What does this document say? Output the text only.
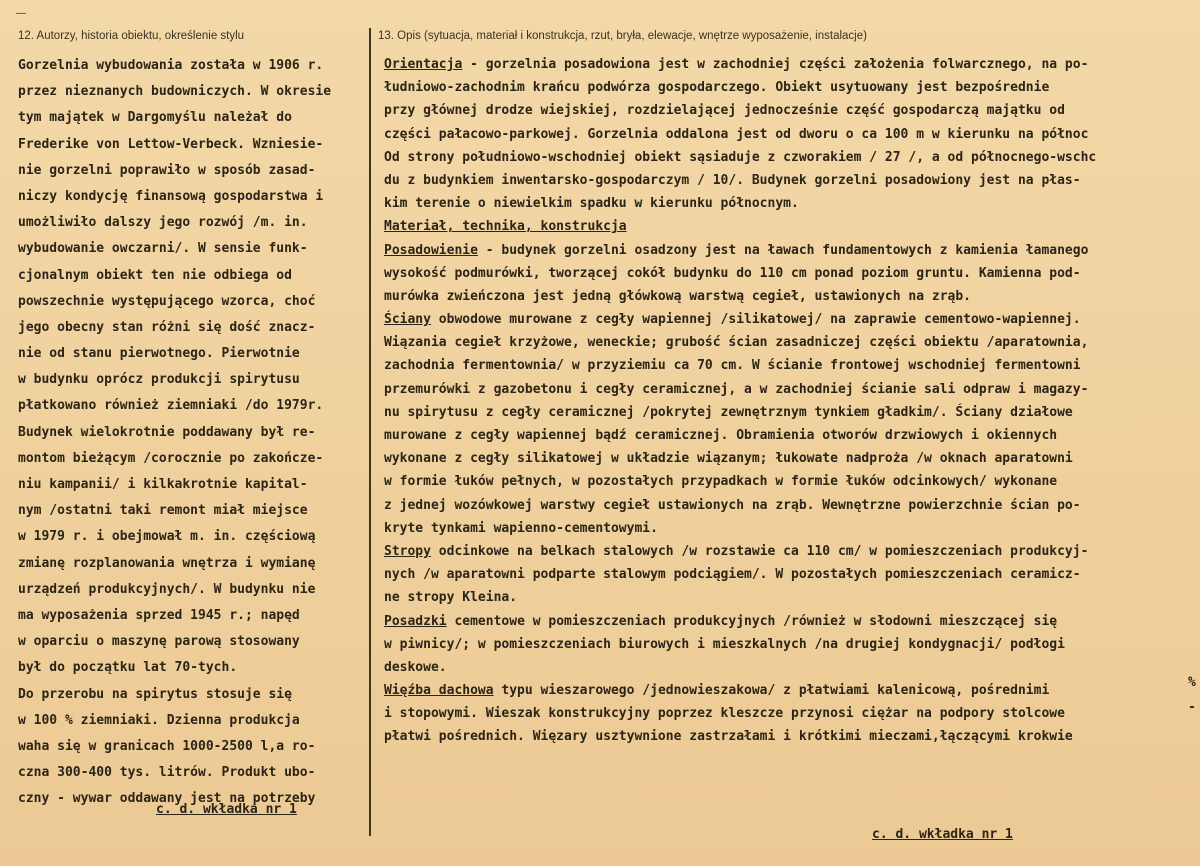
—
12. Autorzy, historia obiektu, określenie stylu	13. Opis (sytuacja, materiał i konstrukcja, rzut, bryła, elewacje, wnętrze wyposażenie, instalacje)
Gorzelnia wybudowania została w 1906 r.
przez nieznanych budowniczych. W okresie
tym majątek w Dargomyślu należał do
Frederike von Lettow-Verbeck. Wzniesie-
nie gorzelni poprawiło w sposób zasad-
niczy kondycję finansową gospodarstwa i
umożliwiło dalszy jego rozwój /m. in.
wybudowanie owczarni/. W sensie funk-
cjonalnym obiekt ten nie odbiega od
powszechnie występującego wzorca, choć
jego obecny stan różni się dość znacz-
nie od stanu pierwotnego. Pierwotnie
w budynku oprócz produkcji spirytusu
płatkowano również ziemniaki /do 1979r.
Budynek wielokrotnie poddawany był re-
montom bieżącym /corocznie po zakończe-
niu kampanii/ i kilkakrotnie kapital-
nym /ostatni taki remont miał miejsce
w 1979 r. i obejmował m. in. częściową
zmianę rozplanowania wnętrza i wymianę
urządzeń produkcyjnych/. W budynku nie
ma wyposażenia sprzed 1945 r.; napęd
w oparciu o maszynę parową stosowany
był do początku lat 70-tych.
Do przerobu na spirytus stosuje się
w 100 % ziemniaki. Dzienna produkcja
waha się w granicach 1000-2500 l,a ro-
czna 300-400 tys. litrów. Produkt ubo-
czny - wywar oddawany jest na potrzeby
c. d. wkładka nr 1
Orientacja - gorzelnia posadowiona jest w zachodniej części założenia folwarcznego, na po-
łudniowo-zachodnim krańcu podwórza gospodarczego. Obiekt usytuowany jest bezpośrednie
przy głównej drodze wiejskiej, rozdzielającej jednocześnie część gospodarczą majątku od
części pałacowo-parkowej. Gorzelnia oddalona jest od dworu o ca 100 m w kierunku na północ
Od strony południowo-wschodniej obiekt sąsiaduje z czworakiem / 27 /, a od północnego-wschc
du z budynkiem inwentarsko-gospodarczym / 10/. Budynek gorzelni posadowiony jest na płas-
kim terenie o niewielkim spadku w kierunku północnym.
Materiał, technika, konstrukcja
Posadowienie - budynek gorzelni osadzony jest na ławach fundamentowych z kamienia łamanego
wysokość podmurówki, tworzącej cokół budynku do 110 cm ponad poziom gruntu. Kamienna pod-
murówka zwieńczona jest jedną główkową warstwą cegieł, ustawionych na zrąb.
Ściany obwodowe murowane z cegły wapiennej /silikatowej/ na zaprawie cementowo-wapiennej.
Wiązania cegieł krzyżowe, weneckie; grubość ścian zasadniczej części obiektu /aparatownia,
zachodnia fermentownia/ w przyziemiu ca 70 cm. W ścianie frontowej wschodniej fermentowni
przemurówki z gazobetonu i cegły ceramicznej, a w zachodniej ścianie sali odpraw i magazy-
nu spirytusu z cegły ceramicznej /pokrytej zewnętrznym tynkiem gładkim/. Ściany działowe
murowane z cegły wapiennej bądź ceramicznej. Obramienia otworów drzwiowych i okiennych
wykonane z cegły silikatowej w układzie wiązanym; łukowate nadproża /w oknach aparatowni
w formie łuków pełnych, w pozostałych przypadkach w formie łuków odcinkowych/ wykonane
z jednej wozówkowej warstwy cegieł ustawionych na zrąb. Wewnętrzne powierzchnie ścian po-
kryte tynkami wapienno-cementowymi.
Stropy odcinkowe na belkach stalowych /w rozstawie ca 110 cm/ w pomieszczeniach produkcyj-
nych /w aparatowni podparte stalowym podciągiem/. W pozostałych pomieszczeniach ceramicz-
ne stropy Kleina.
Posadzki cementowe w pomieszczeniach produkcyjnych /również w słodowni mieszczącej się
w piwnicy/; w pomieszczeniach biurowych i mieszkalnych /na drugiej kondygnacji/ podłogi
deskowe.
Więźba dachowa typu wieszarowego /jednowieszakowa/ z płatwiami kalenicową, pośrednimi
i stopowymi. Wieszak konstrukcyjny poprzez kleszcze przynosi ciężar na podpory stolcowe
płatwi pośrednich. Więzary usztywnione zastrzałami i krótkimi mieczami,łączącymi krokwie
c. d. wkładka nr 1
%
-
